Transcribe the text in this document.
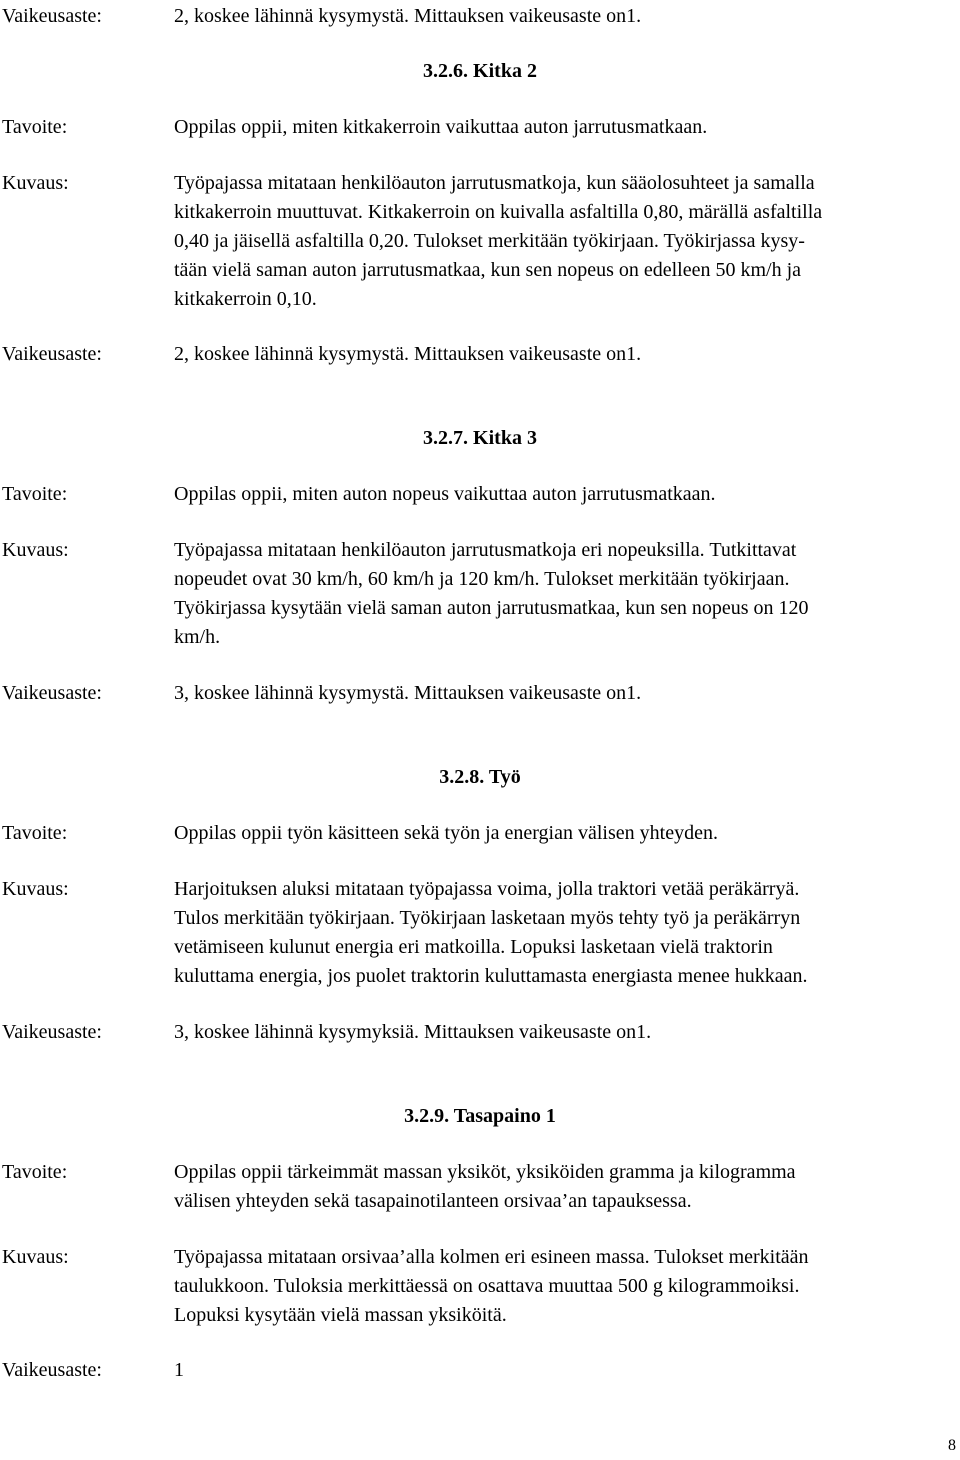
Vaikeusaste:	2, koskee lähinnä kysymystä. Mittauksen vaikeusaste on1.
3.2.6. Kitka 2
Tavoite:	Oppilas oppii, miten kitkakerroin vaikuttaa auton jarrutusmatkaan.
Kuvaus:	Työpajassa mitataan henkilöauton jarrutusmatkoja, kun sääolosuhteet ja samalla
kitkakerroin muuttuvat. Kitkakerroin on kuivalla asfaltilla 0,80, märällä asfaltilla
0,40 ja jäisellä asfaltilla 0,20. Tulokset merkitään työkirjaan. Työkirjassa kysy-
tään vielä saman auton jarrutusmatkaa, kun sen nopeus on edelleen 50 km/h ja
kitkakerroin 0,10.
Vaikeusaste:	2, koskee lähinnä kysymystä. Mittauksen vaikeusaste on1.
3.2.7. Kitka 3
Tavoite:	Oppilas oppii, miten auton nopeus vaikuttaa auton jarrutusmatkaan.
Kuvaus:	Työpajassa mitataan henkilöauton jarrutusmatkoja eri nopeuksilla. Tutkittavat
nopeudet ovat 30 km/h, 60 km/h ja 120 km/h. Tulokset merkitään työkirjaan.
Työkirjassa kysytään vielä saman auton jarrutusmatkaa, kun sen nopeus on 120
km/h.
Vaikeusaste:	3, koskee lähinnä kysymystä. Mittauksen vaikeusaste on1.
3.2.8. Työ
Tavoite:	Oppilas oppii työn käsitteen sekä työn ja energian välisen yhteyden.
Kuvaus:	Harjoituksen aluksi mitataan työpajassa voima, jolla traktori vetää peräkärryä.
Tulos merkitään työkirjaan. Työkirjaan lasketaan myös tehty työ ja peräkärryn
vetämiseen kulunut energia eri matkoilla. Lopuksi lasketaan vielä traktorin
kuluttama energia, jos puolet traktorin kuluttamasta energiasta menee hukkaan.
Vaikeusaste:	3, koskee lähinnä kysymyksiä. Mittauksen vaikeusaste on1.
3.2.9. Tasapaino 1
Tavoite:	Oppilas oppii tärkeimmät massan yksiköt, yksiköiden gramma ja kilogramma
välisen yhteyden sekä tasapainotilanteen orsivaa’an tapauksessa.
Kuvaus:	Työpajassa mitataan orsivaa’alla kolmen eri esineen massa. Tulokset merkitään
taulukkoon. Tuloksia merkittäessä on osattava muuttaa 500 g kilogrammoiksi.
Lopuksi kysytään vielä massan yksiköitä.
Vaikeusaste:	1
8
